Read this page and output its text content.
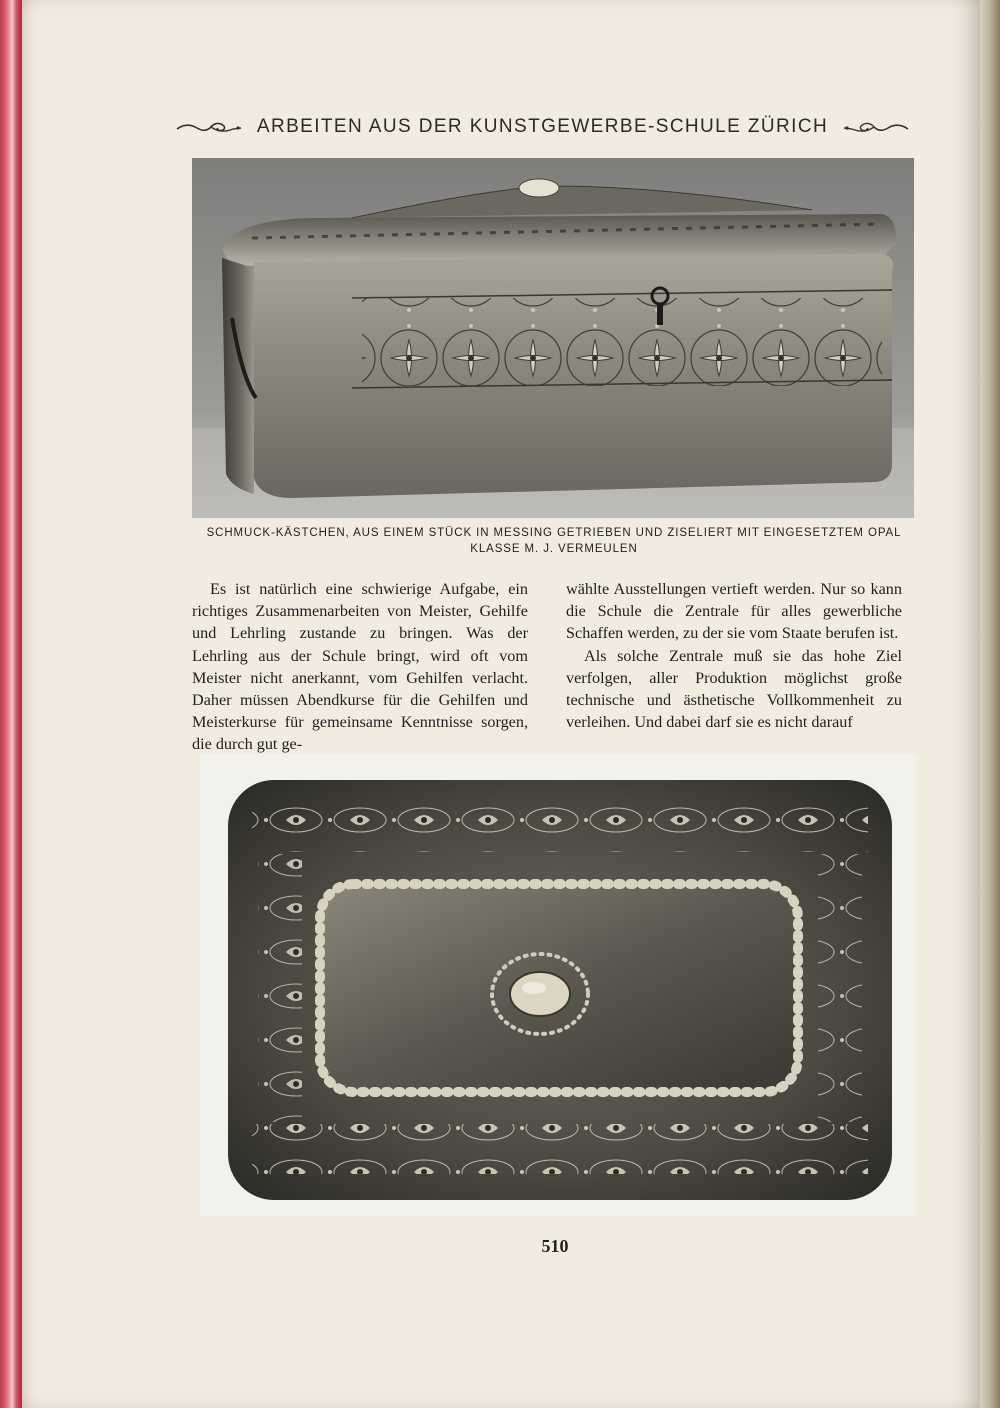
ARBEITEN AUS DER KUNSTGEWERBE-SCHULE ZÜRICH
SCHMUCK-KÄSTCHEN, AUS EINEM STÜCK IN MESSING GETRIEBEN UND ZISELIERT MIT EINGESETZTEM OPAL
KLASSE M. J. VERMEULEN

Es ist natürlich eine schwierige Aufgabe, ein richtiges Zusammenarbeiten von Meister, Gehilfe und Lehrling zustande zu bringen. Was der Lehrling aus der Schule bringt, wird oft vom Meister nicht anerkannt, vom Gehilfen verlacht. Daher müssen Abendkurse für die Gehilfen und Meisterkurse für gemeinsame Kenntnisse sorgen, die durch gut ge-

wählte Ausstellungen vertieft werden. Nur so kann die Schule die Zentrale für alles gewerbliche Schaffen werden, zu der sie vom Staate berufen ist.

Als solche Zentrale muß sie das hohe Ziel verfolgen, aller Produktion möglichst große technische und ästhetische Vollkommenheit zu verleihen. Und dabei darf sie es nicht darauf

510
